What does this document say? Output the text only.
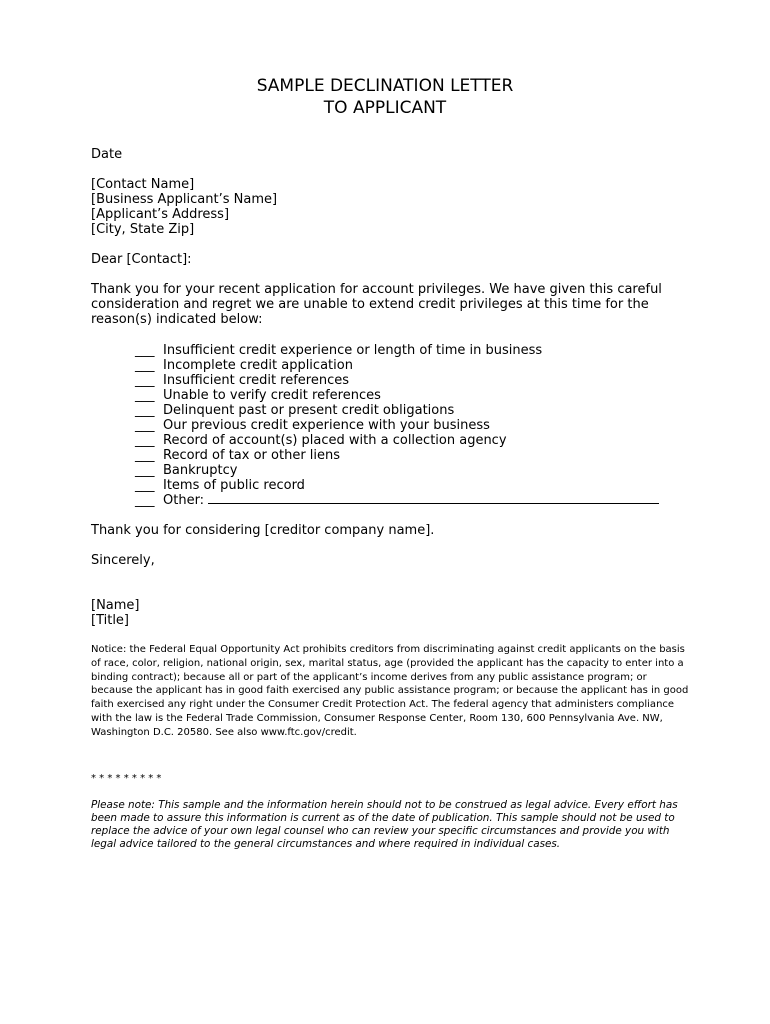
SAMPLE DECLINATION LETTER
TO APPLICANT
Date
[Contact Name]
[Business Applicant’s Name]
[Applicant’s Address]
[City, State Zip]
Dear [Contact]:
Thank you for your recent application for account privileges. We have given this careful
consideration and regret we are unable to extend credit privileges at this time for the
reason(s) indicated below:
___ Insufficient credit experience or length of time in business
___ Incomplete credit application
___ Insufficient credit references
___ Unable to verify credit references
___ Delinquent past or present credit obligations
___ Our previous credit experience with your business
___ Record of account(s) placed with a collection agency
___ Record of tax or other liens
___ Bankruptcy
___ Items of public record
___ Other:
Thank you for considering [creditor company name].
Sincerely,
[Name]
[Title]
Notice: the Federal Equal Opportunity Act prohibits creditors from discriminating against credit applicants on the basis of race, color, religion, national origin, sex, marital status, age (provided the applicant has the capacity to enter into a binding contract); because all or part of the applicant’s income derives from any public assistance program; or because the applicant has in good faith exercised any public assistance program; or because the applicant has in good faith exercised any right under the Consumer Credit Protection Act. The federal agency that administers compliance with the law is the Federal Trade Commission, Consumer Response Center, Room 130, 600 Pennsylvania Ave. NW, Washington D.C. 20580. See also www.ftc.gov/credit.
* * * * * * * * *
Please note: This sample and the information herein should not to be construed as legal advice. Every effort has been made to assure this information is current as of the date of publication. This sample should not be used to replace the advice of your own legal counsel who can review your specific circumstances and provide you with legal advice tailored to the general circumstances and where required in individual cases.
